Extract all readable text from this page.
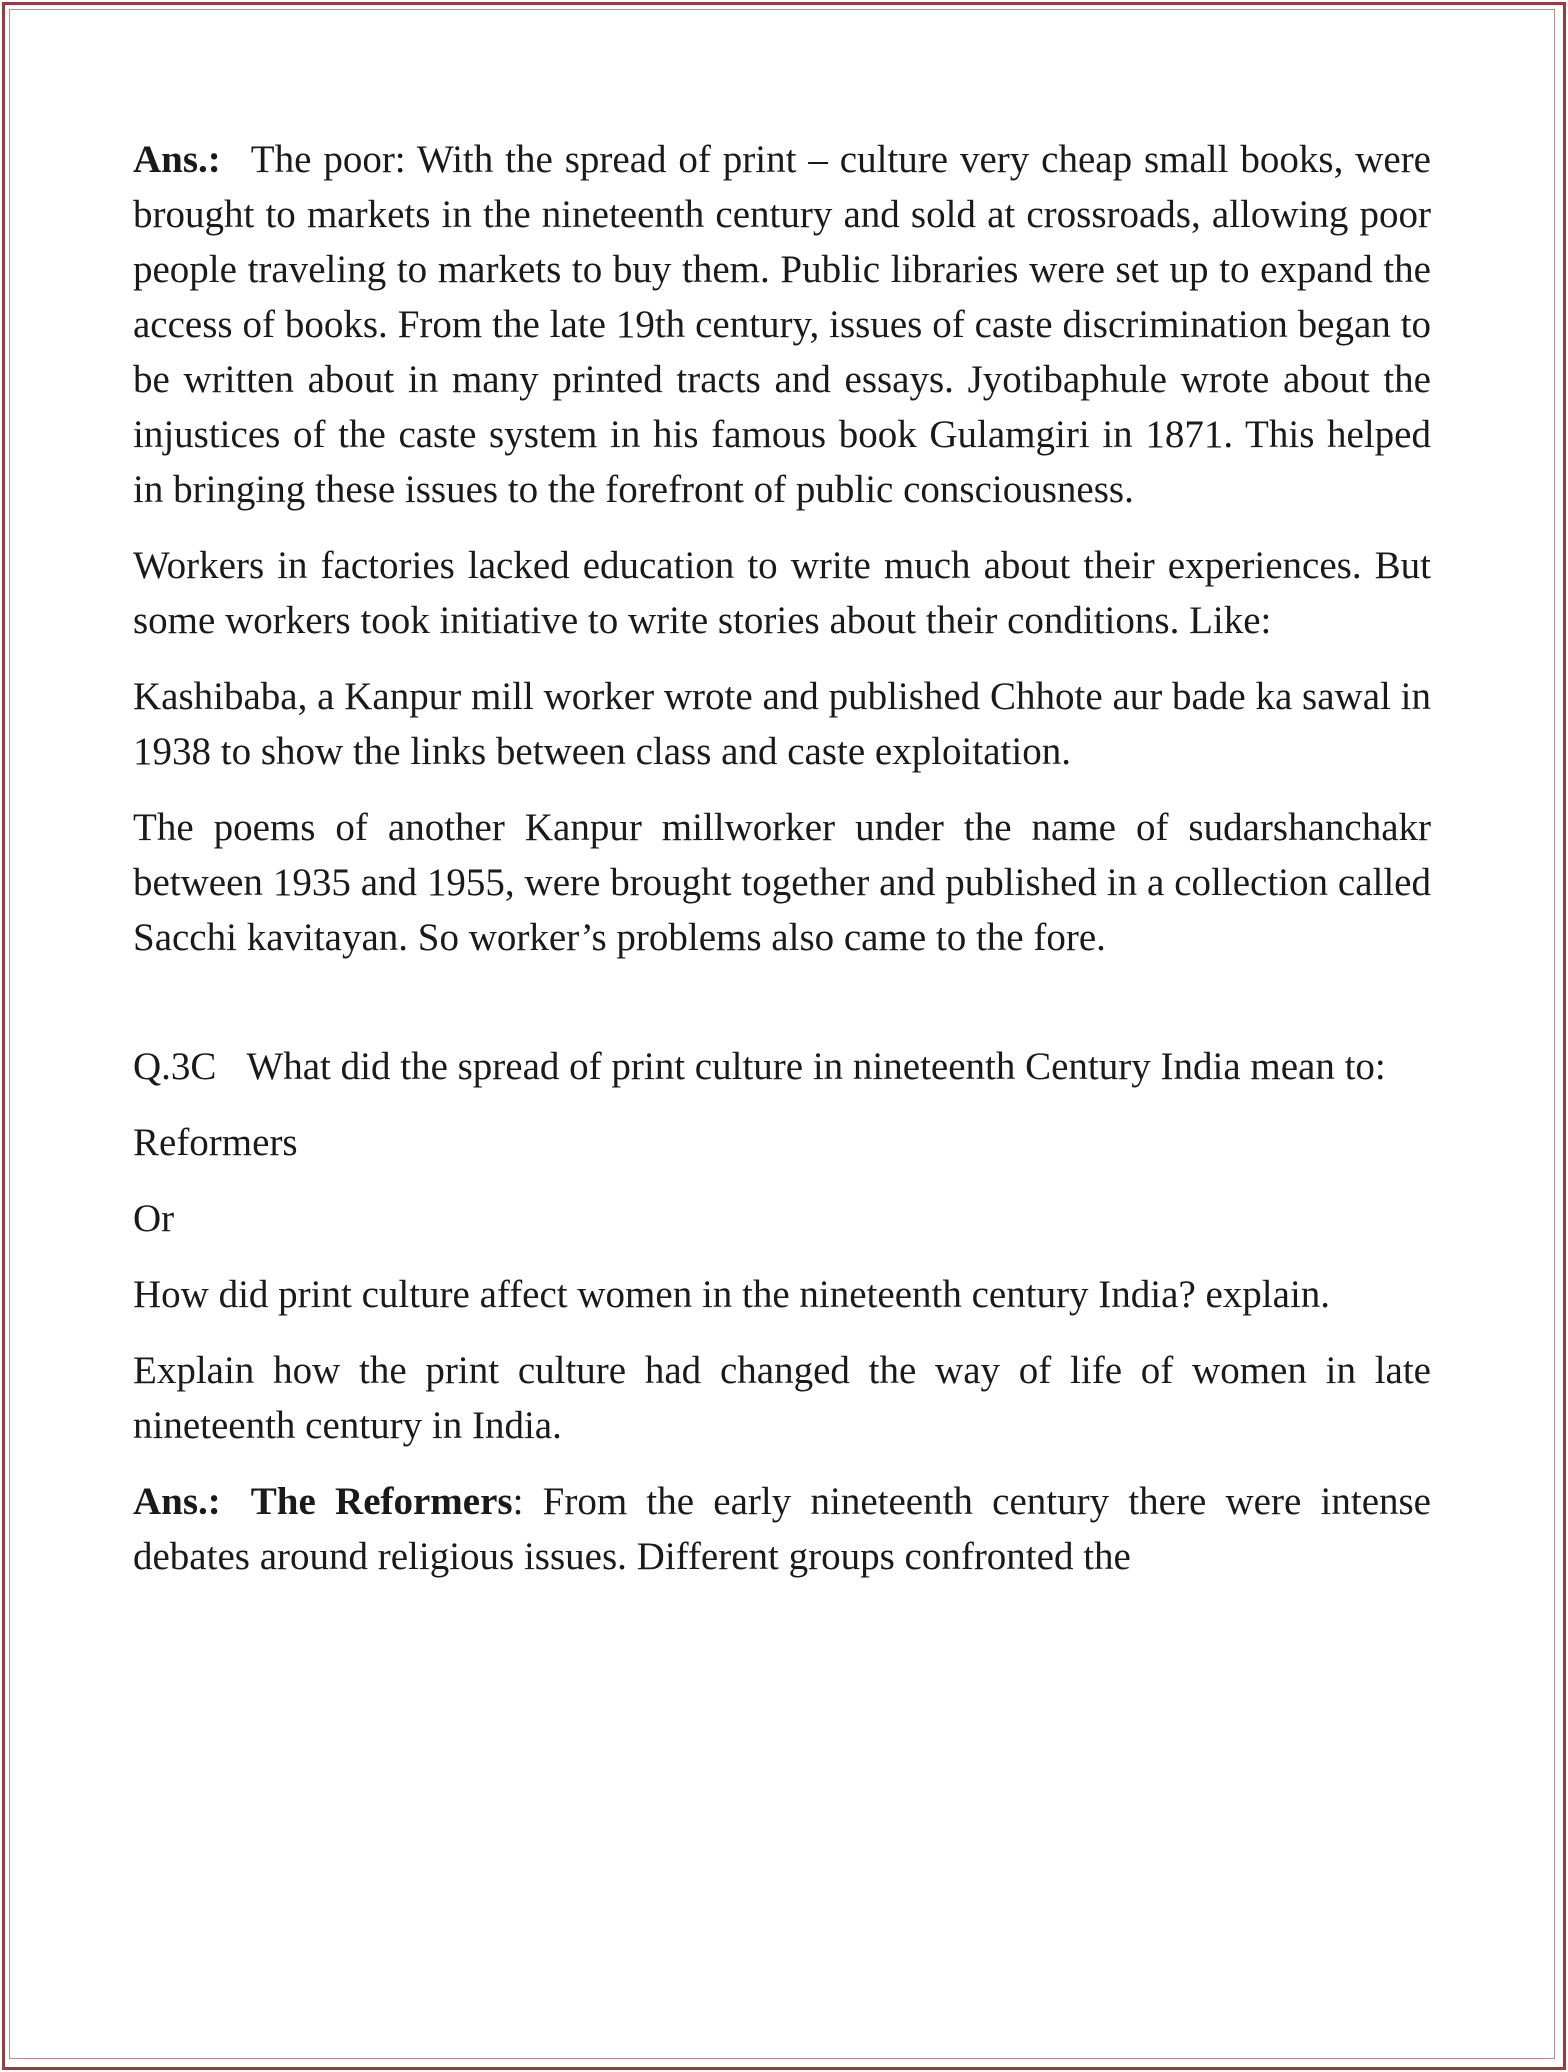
Ans.: The poor: With the spread of print – culture very cheap small books, were brought to markets in the nineteenth century and sold at crossroads, allowing poor people traveling to markets to buy them. Public libraries were set up to expand the access of books. From the late 19th century, issues of caste discrimination began to be written about in many printed tracts and essays. Jyotibaphule wrote about the injustices of the caste system in his famous book Gulamgiri in 1871. This helped in bringing these issues to the forefront of public consciousness.

Workers in factories lacked education to write much about their experiences. But some workers took initiative to write stories about their conditions. Like:

Kashibaba, a Kanpur mill worker wrote and published Chhote aur bade ka sawal in 1938 to show the links between class and caste exploitation.

The poems of another Kanpur millworker under the name of sudarshanchakr between 1935 and 1955, were brought together and published in a collection called Sacchi kavitayan. So worker’s problems also came to the fore.

Q.3C What did the spread of print culture in nineteenth Century India mean to:

Reformers

Or

How did print culture affect women in the nineteenth century India? explain.

Explain how the print culture had changed the way of life of women in late nineteenth century in India.

Ans.: The Reformers: From the early nineteenth century there were intense debates around religious issues. Different groups confronted the
